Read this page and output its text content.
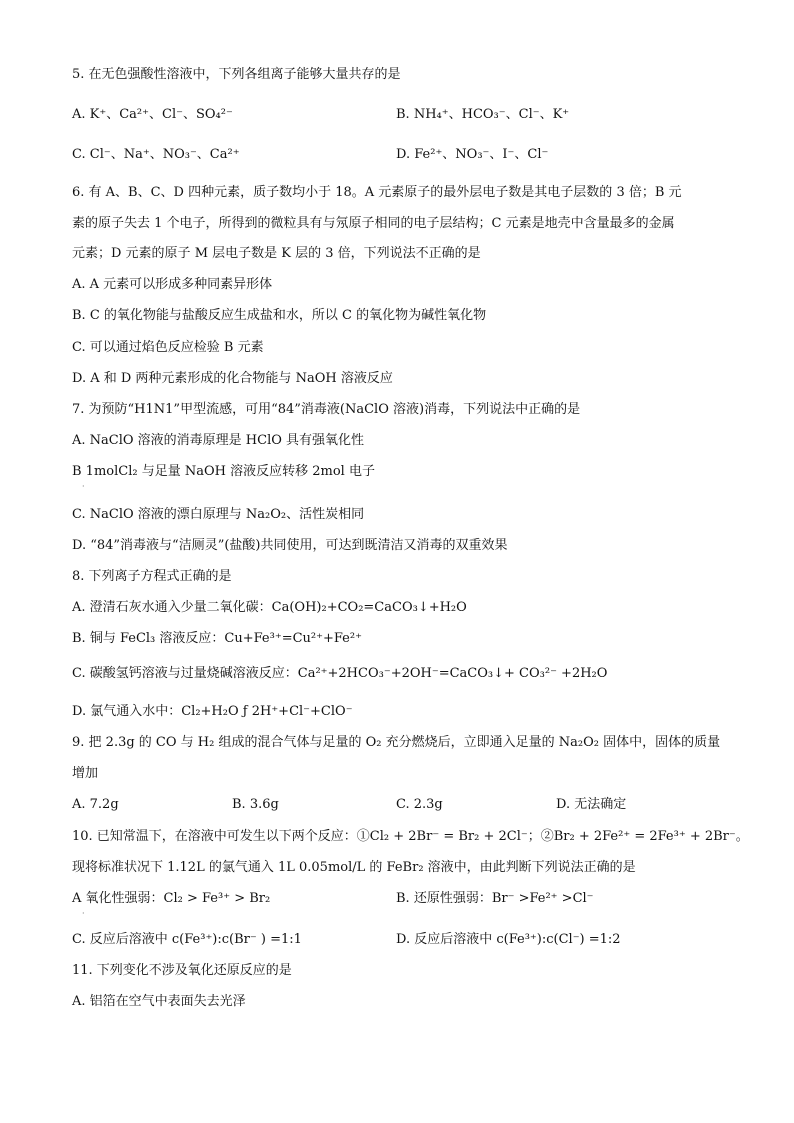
5. 在无色强酸性溶液中，下列各组离子能够大量共存的是
A. K⁺、Ca²⁺、Cl⁻、SO₄²⁻	B. NH₄⁺、HCO₃⁻、Cl⁻、K⁺
C. Cl⁻、Na⁺、NO₃⁻、Ca²⁺	D. Fe²⁺、NO₃⁻、I⁻、Cl⁻
6. 有 A、B、C、D 四种元素，质子数均小于 18。A 元素原子的最外层电子数是其电子层数的 3 倍；B 元
素的原子失去 1 个电子，所得到的微粒具有与氖原子相同的电子层结构；C 元素是地壳中含量最多的金属
元素；D 元素的原子 M 层电子数是 K 层的 3 倍，下列说法不正确的是
A. A 元素可以形成多种同素异形体
B. C 的氧化物能与盐酸反应生成盐和水，所以 C 的氧化物为碱性氧化物
C. 可以通过焰色反应检验 B 元素
D. A 和 D 两种元素形成的化合物能与 NaOH 溶液反应
7. 为预防“H1N1”甲型流感，可用“84”消毒液(NaClO 溶液)消毒，下列说法中正确的是
A. NaClO 溶液的消毒原理是 HClO 具有强氧化性
B 1molCl₂ 与足量 NaOH 溶液反应转移 2mol 电子
·
C. NaClO 溶液的漂白原理与 Na₂O₂、活性炭相同
D. “84”消毒液与“洁厕灵”(盐酸)共同使用，可达到既清洁又消毒的双重效果
8. 下列离子方程式正确的是
A. 澄清石灰水通入少量二氧化碳：Ca(OH)₂+CO₂=CaCO₃↓+H₂O
B. 铜与 FeCl₃ 溶液反应：Cu+Fe³⁺=Cu²⁺+Fe²⁺
C. 碳酸氢钙溶液与过量烧碱溶液反应：Ca²⁺+2HCO₃⁻+2OH⁻=CaCO₃↓+ CO₃²⁻ +2H₂O
D. 氯气通入水中：Cl₂+H₂O ƒ 2H⁺+Cl⁻+ClO⁻
9. 把 2.3g 的 CO 与 H₂ 组成的混合气体与足量的 O₂ 充分燃烧后，立即通入足量的 Na₂O₂ 固体中，固体的质量
增加
A. 7.2g	B. 3.6g	C. 2.3g	D. 无法确定
10. 已知常温下，在溶液中可发生以下两个反应：①Cl₂ + 2Br⁻ = Br₂ + 2Cl⁻；②Br₂ + 2Fe²⁺ = 2Fe³⁺ + 2Br⁻。
现将标准状况下 1.12L 的氯气通入 1L 0.05mol/L 的 FeBr₂ 溶液中，由此判断下列说法正确的是
A 氧化性强弱：Cl₂ > Fe³⁺ > Br₂	B. 还原性强弱：Br⁻ >Fe²⁺ >Cl⁻
·
C. 反应后溶液中 c(Fe³⁺):c(Br⁻ ) =1:1	D. 反应后溶液中 c(Fe³⁺):c(Cl⁻) =1:2
11. 下列变化不涉及氧化还原反应的是
A. 铝箔在空气中表面失去光泽
